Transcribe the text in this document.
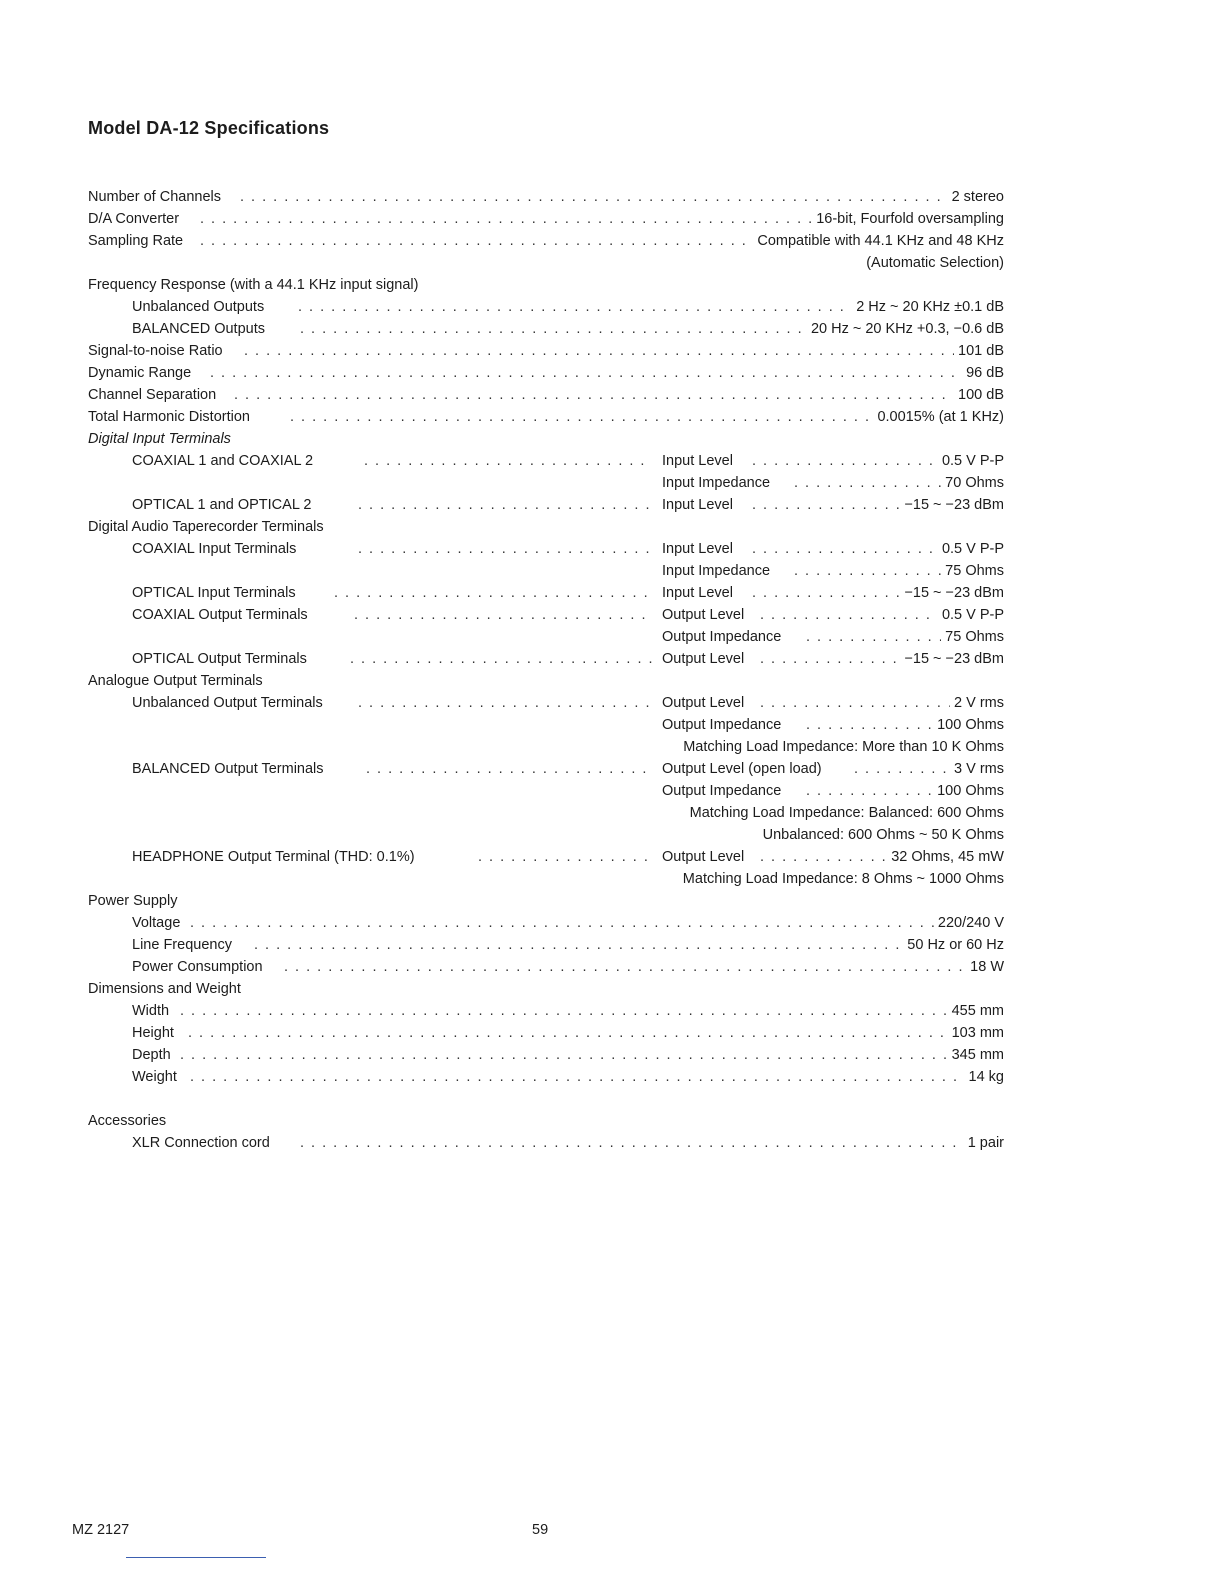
Model DA-12 Specifications
Number of Channels . . .	2 stereo
D/A Converter . . .	16-bit, Fourfold oversampling
Sampling Rate . . .	Compatible with 44.1 KHz and 48 KHz
(Automatic Selection)
Frequency Response (with a 44.1 KHz input signal)
Unbalanced Outputs . . .	2 Hz ~ 20 KHz ±0.1 dB
BALANCED Outputs . . .	20 Hz ~ 20 KHz +0.3, −0.6 dB
Signal-to-noise Ratio . . .	101 dB
Dynamic Range . . .	96 dB
Channel Separation . . .	100 dB
Total Harmonic Distortion . . .	0.0015% (at 1 KHz)
Digital Input Terminals
COAXIAL 1 and COAXIAL 2 . . .	Input Level . . .	0.5 V P-P
Input Impedance . . .	70 Ohms
OPTICAL 1 and OPTICAL 2 . . .	Input Level . . .	−15 ~ −23 dBm
Digital Audio Taperecorder Terminals
COAXIAL Input Terminals . . .	Input Level . . .	0.5 V P-P
Input Impedance . . .	75 Ohms
OPTICAL Input Terminals . . .	Input Level . . .	−15 ~ −23 dBm
COAXIAL Output Terminals . . .	Output Level . . .	0.5 V P-P
Output Impedance . . .	75 Ohms
OPTICAL Output Terminals . . .	Output Level . . .	−15 ~ −23 dBm
Analogue Output Terminals
Unbalanced Output Terminals . . .	Output Level . . .	2 V rms
Output Impedance . . .	100 Ohms
Matching Load Impedance: More than 10 K Ohms
BALANCED Output Terminals . . .	Output Level (open load) . . .	3 V rms
Output Impedance . . .	100 Ohms
Matching Load Impedance: Balanced: 600 Ohms
Unbalanced: 600 Ohms ~ 50 K Ohms
HEADPHONE Output Terminal (THD: 0.1%) . . .	Output Level . . .	32 Ohms, 45 mW
Matching Load Impedance: 8 Ohms ~ 1000 Ohms
Power Supply
Voltage . . .	220/240 V
Line Frequency . . .	50 Hz or 60 Hz
Power Consumption . . .	18 W
Dimensions and Weight
Width . . .	455 mm
Height . . .	103 mm
Depth . . .	345 mm
Weight . . .	14 kg
Accessories
XLR Connection cord . . .	1 pair
MZ 2127	59
